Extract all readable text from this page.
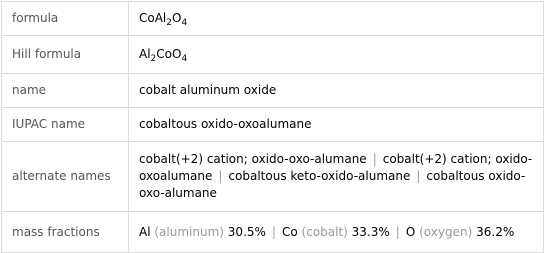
formula	$CoAl_2O_4$
Hill formula	$Al_2CoO_4$
name	cobalt aluminum oxide
IUPAC name	cobaltous oxido-oxoalumane
alternate names	cobalt(+2) cation; oxido-oxo-alumane | cobalt(+2) cation; oxido-oxoalumane | cobaltous keto-oxido-alumane | cobaltous oxido-oxo-alumane
mass fractions	Al (aluminum) 30.5% | Co (cobalt) 33.3% | O (oxygen) 36.2%
